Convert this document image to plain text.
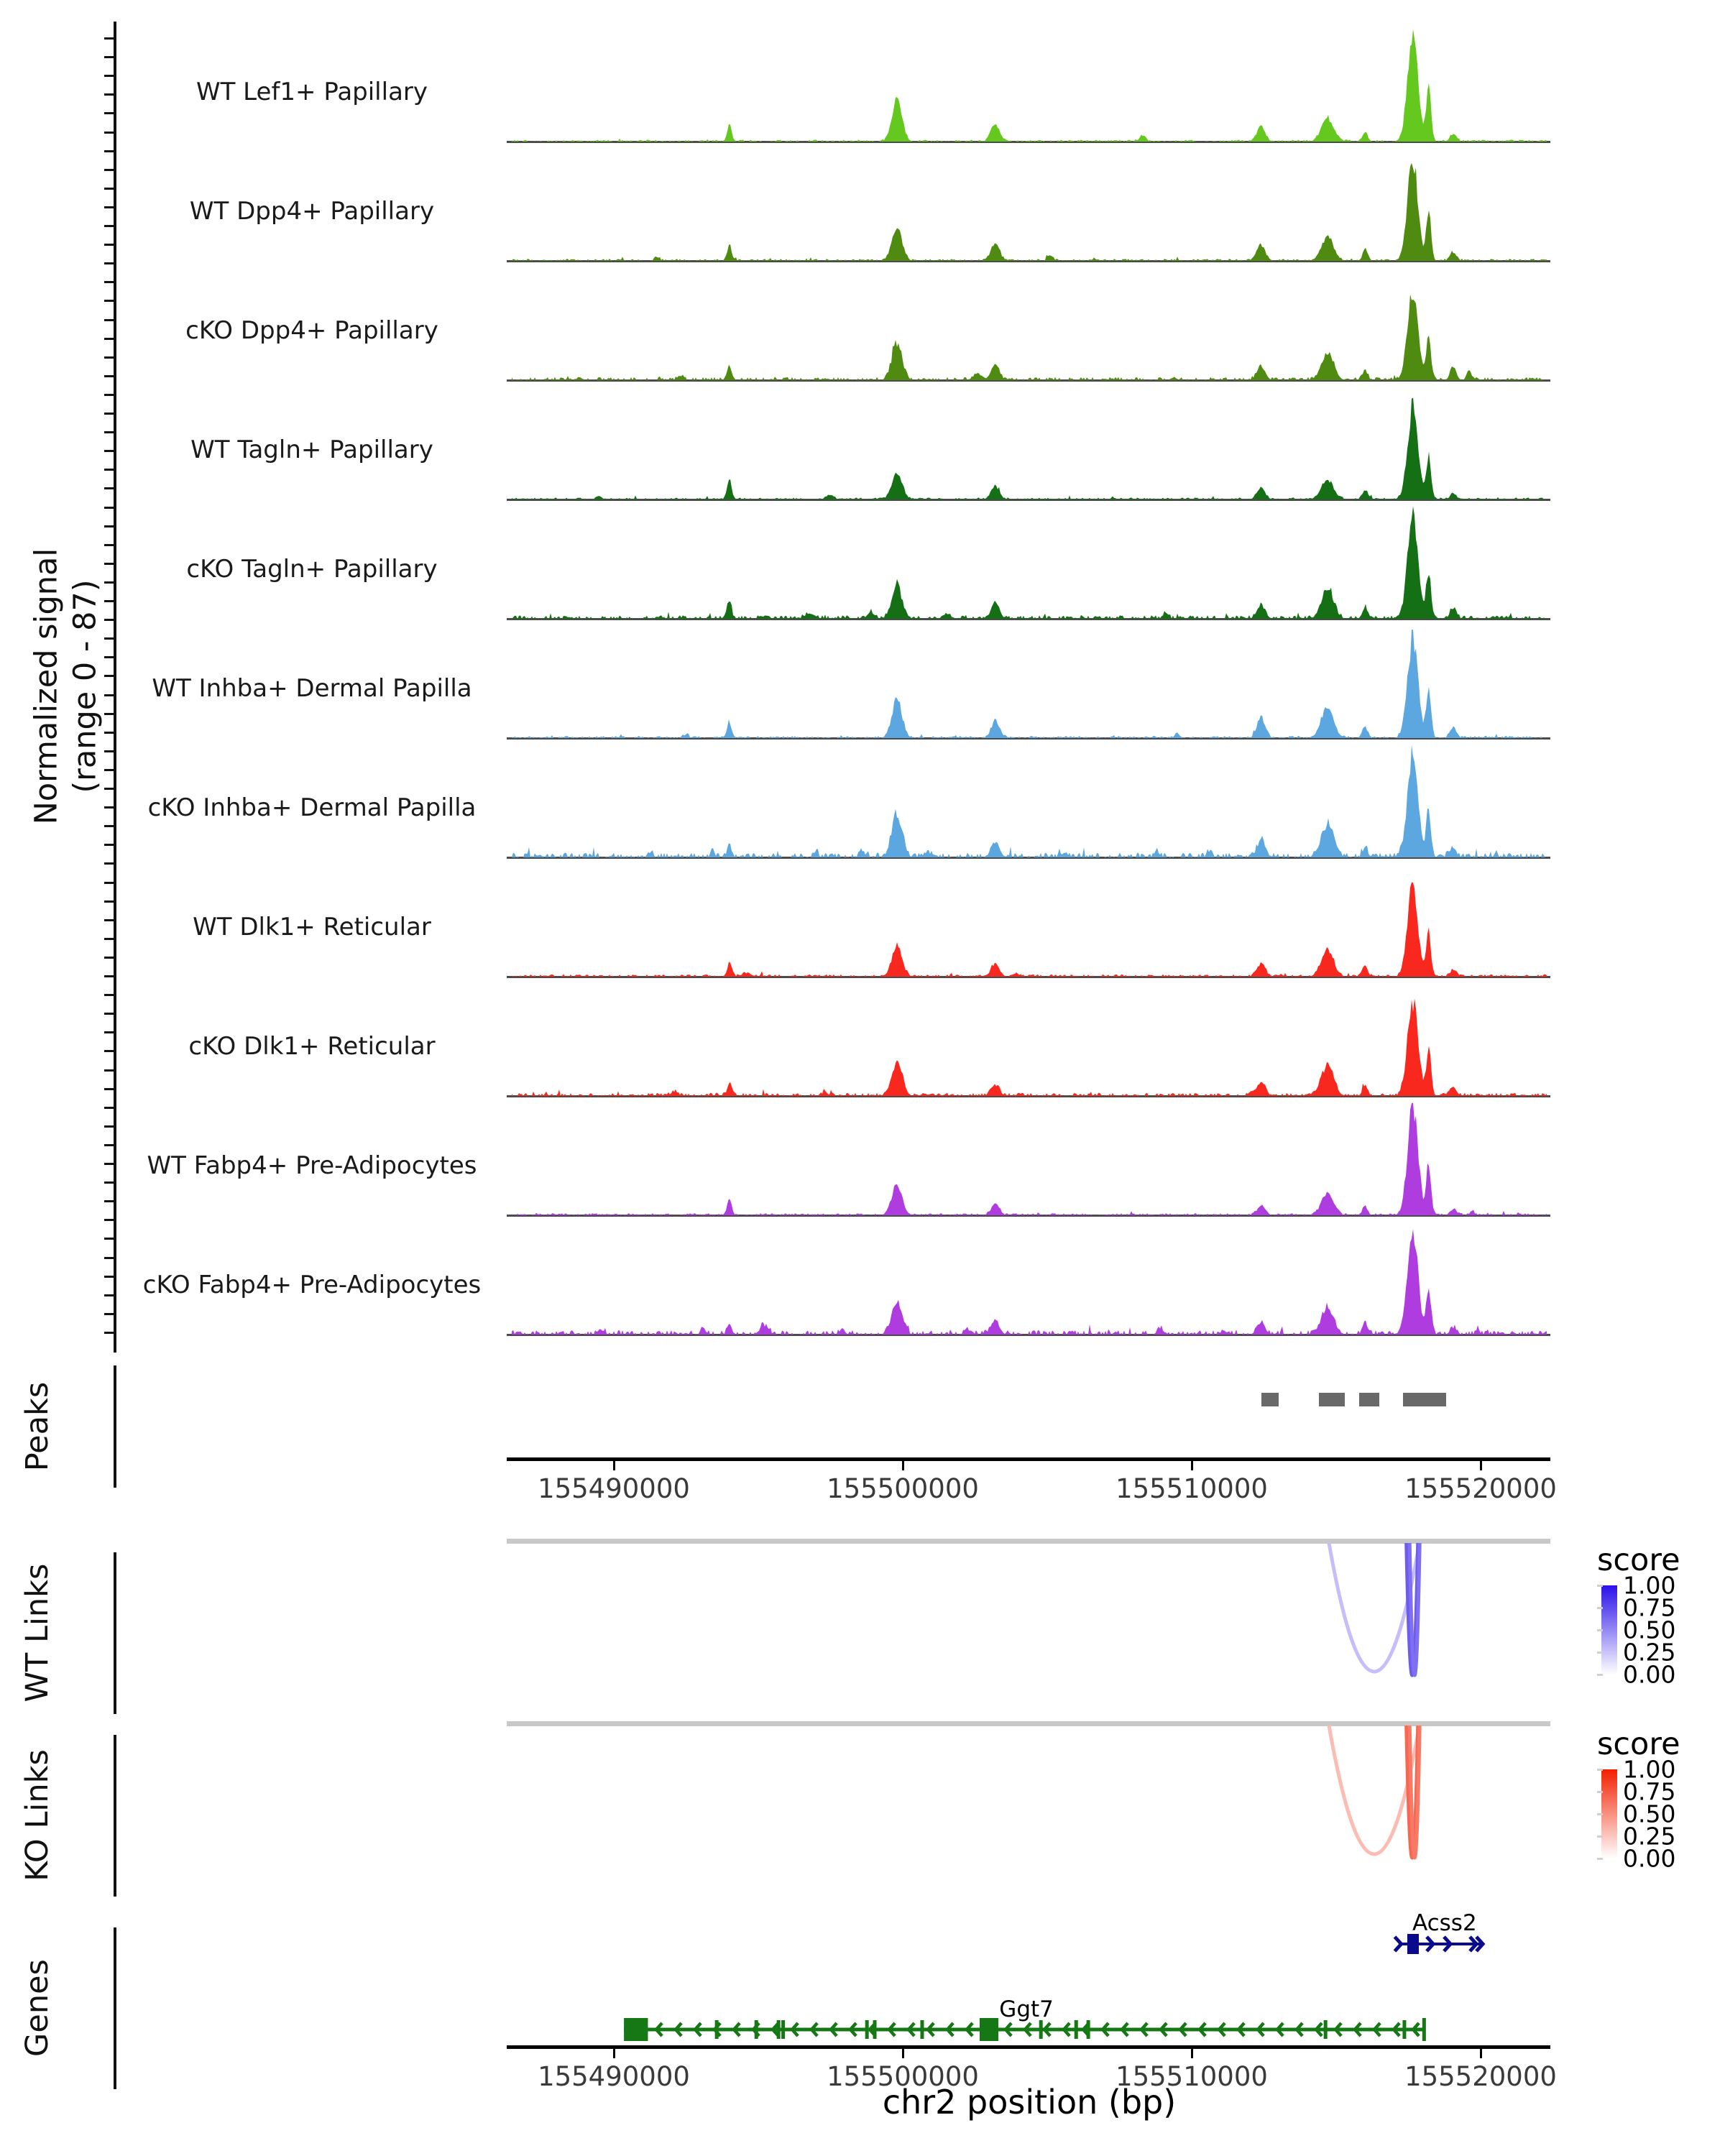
Normalized signal (range 0 - 87)
WT Lef1+ Papillary
WT Dpp4+ Papillary
cKO Dpp4+ Papillary
WT Tagln+ Papillary
cKO Tagln+ Papillary
WT Inhba+ Dermal Papilla
cKO Inhba+ Dermal Papilla
WT Dlk1+ Reticular
cKO Dlk1+ Reticular
WT Fabp4+ Pre-Adipocytes
cKO Fabp4+ Pre-Adipocytes
Peaks
155490000	155500000	155510000	155520000
WT Links
score
1.00
0.75
0.50
0.25
0.00
KO Links
score
1.00
0.75
0.50
0.25
0.00
Genes
Acss2
Ggt7
155490000	155500000	155510000	155520000
chr2 position (bp)
